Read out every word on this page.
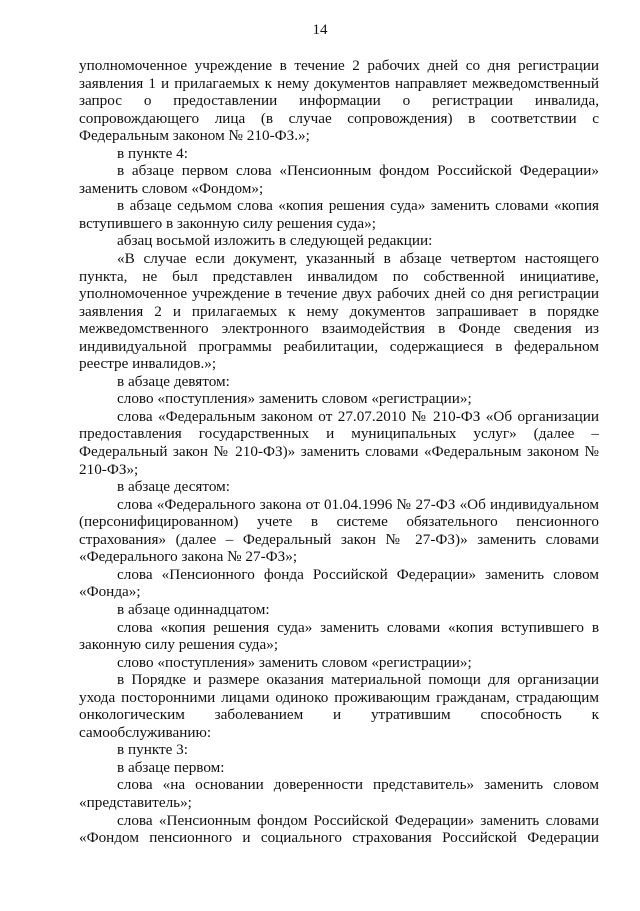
14

уполномоченное учреждение в течение 2 рабочих дней со дня регистрации заявления 1 и прилагаемых к нему документов направляет межведомственный запрос о предоставлении информации о регистрации инвалида, сопровождающего лица (в случае сопровождения) в соответствии с Федеральным законом № 210-ФЗ.»;

в пункте 4:

в абзаце первом слова «Пенсионным фондом Российской Федерации» заменить словом «Фондом»;

в абзаце седьмом слова «копия решения суда» заменить словами «копия вступившего в законную силу решения суда»;

абзац восьмой изложить в следующей редакции:

«В случае если документ, указанный в абзаце четвертом настоящего пункта, не был представлен инвалидом по собственной инициативе, уполномоченное учреждение в течение двух рабочих дней со дня регистрации заявления 2 и прилагаемых к нему документов запрашивает в порядке межведомственного электронного взаимодействия в Фонде сведения из индивидуальной программы реабилитации, содержащиеся в федеральном реестре инвалидов.»;

в абзаце девятом:

слово «поступления» заменить словом «регистрации»;

слова «Федеральным законом от 27.07.2010 № 210-ФЗ «Об организации предоставления государственных и муниципальных услуг» (далее – Федеральный закон № 210-ФЗ)» заменить словами «Федеральным законом № 210-ФЗ»;

в абзаце десятом:

слова «Федерального закона от 01.04.1996 № 27-ФЗ «Об индивидуальном (персонифицированном) учете в системе обязательного пенсионного страхования» (далее – Федеральный закон № 27-ФЗ)» заменить словами «Федерального закона № 27-ФЗ»;

слова «Пенсионного фонда Российской Федерации» заменить словом «Фонда»;

в абзаце одиннадцатом:

слова «копия решения суда» заменить словами «копия вступившего в законную силу решения суда»;

слово «поступления» заменить словом «регистрации»;

в Порядке и размере оказания материальной помощи для организации ухода посторонними лицами одиноко проживающим гражданам, страдающим онкологическим заболеванием и утратившим способность к самообслуживанию:

в пункте 3:

в абзаце первом:

слова «на основании доверенности представитель» заменить словом «представитель»;

слова «Пенсионным фондом Российской Федерации» заменить словами «Фондом пенсионного и социального страхования Российской Федерации
